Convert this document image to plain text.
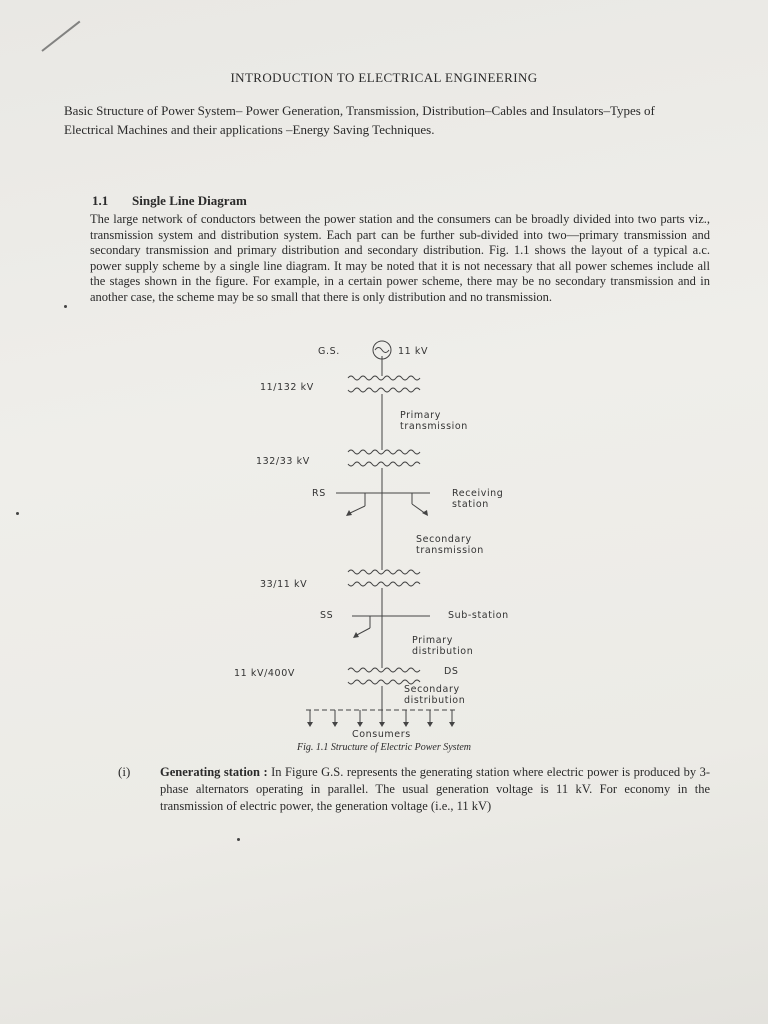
INTRODUCTION TO ELECTRICAL ENGINEERING
Basic Structure of Power System– Power Generation, Transmission, Distribution–Cables and Insulators–Types of Electrical Machines and their applications –Energy Saving Techniques.
1.1 Single Line Diagram
The large network of conductors between the power station and the consumers can be broadly divided into two parts viz., transmission system and distribution system. Each part can be further sub-divided into two—primary transmission and secondary transmission and primary distribution and secondary distribution. Fig. 1.1 shows the layout of a typical a.c. power supply scheme by a single line diagram. It may be noted that it is not necessary that all power schemes include all the stages shown in the figure. For example, in a certain power scheme, there may be no secondary transmission and in another case, the scheme may be so small that there is only distribution and no transmission.
G.S.	11 kV
11/132 kV
Primary
transmission
132/33 kV
RS	Receiving
station
Secondary
transmission
33/11 kV
SS	Sub-station
Primary
distribution
11 kV/400V	DS
Secondary
distribution
Consumers
Fig. 1.1 Structure of Electric Power System
(i) Generating station : In Figure G.S. represents the generating station where electric power is produced by 3-phase alternators operating in parallel. The usual generation voltage is 11 kV. For economy in the transmission of electric power, the generation voltage (i.e., 11 kV)
